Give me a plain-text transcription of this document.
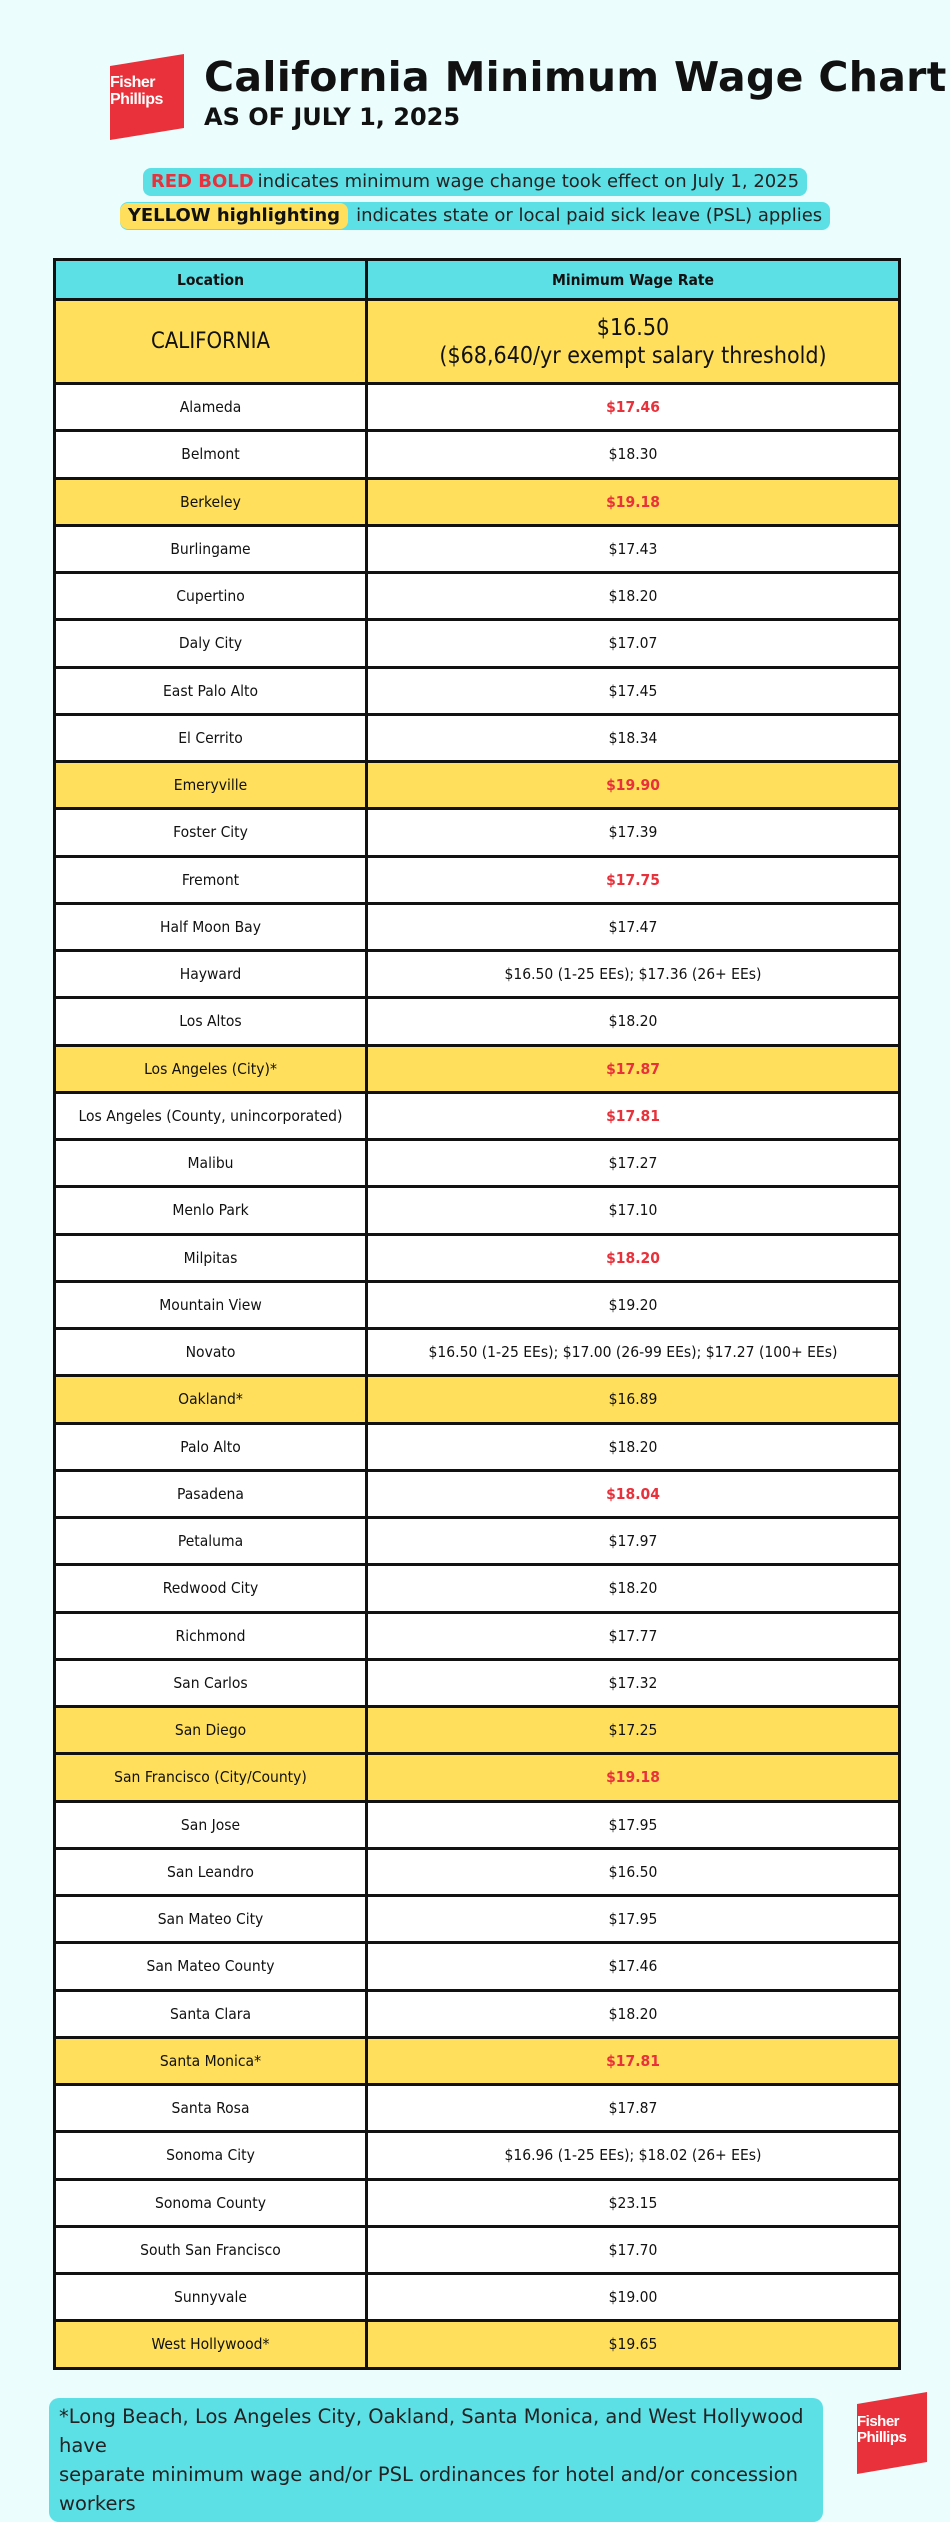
Fisher
Phillips California Minimum Wage Chart
AS OF JULY 1, 2025
RED BOLD indicates minimum wage change took effect on July 1, 2025
YELLOW highlighting indicates state or local paid sick leave (PSL) applies
Location	Minimum Wage Rate
CALIFORNIA	$16.50
($68,640/yr exempt salary threshold)

Alameda	$17.46
Belmont	$18.30
Berkeley	$19.18
Burlingame	$17.43
Cupertino	$18.20
Daly City	$17.07
East Palo Alto	$17.45
El Cerrito	$18.34
Emeryville	$19.90
Foster City	$17.39
Fremont	$17.75
Half Moon Bay	$17.47
Hayward	$16.50 (1-25 EEs); $17.36 (26+ EEs)
Los Altos	$18.20
Los Angeles (City)*	$17.87
Los Angeles (County, unincorporated)	$17.81
Malibu	$17.27
Menlo Park	$17.10
Milpitas	$18.20
Mountain View	$19.20
Novato	$16.50 (1-25 EEs); $17.00 (26-99 EEs); $17.27 (100+ EEs)
Oakland*	$16.89
Palo Alto	$18.20
Pasadena	$18.04
Petaluma	$17.97
Redwood City	$18.20
Richmond	$17.77
San Carlos	$17.32
San Diego	$17.25
San Francisco (City/County)	$19.18
San Jose	$17.95
San Leandro	$16.50
San Mateo City	$17.95
San Mateo County	$17.46
Santa Clara	$18.20
Santa Monica*	$17.81
Santa Rosa	$17.87
Sonoma City	$16.96 (1-25 EEs); $18.02 (26+ EEs)
Sonoma County	$23.15
South San Francisco	$17.70
Sunnyvale	$19.00
West Hollywood*	$19.65
*Long Beach, Los Angeles City, Oakland, Santa Monica, and West Hollywood have
separate minimum wage and/or PSL ordinances for hotel and/or concession workers
Fisher
Phillips
